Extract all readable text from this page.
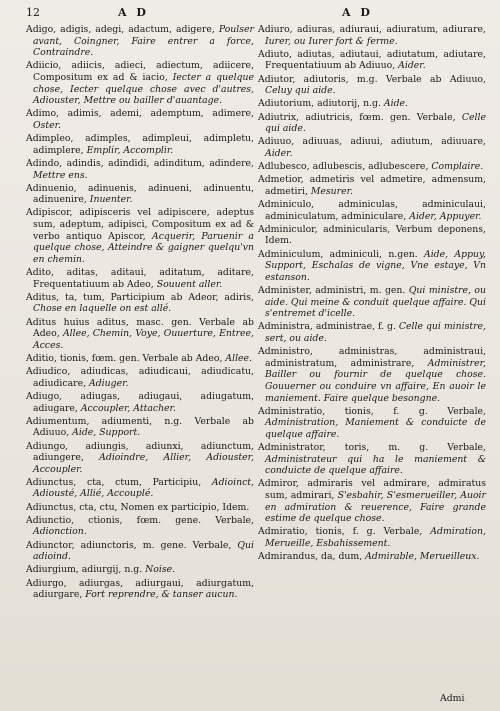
12	A D	A D

Adigo, adigis, adegi, adactum, adigere, Poulser avant, Coingner, Faire entrer a force, Contraindre.

Adiicio, adiicis, adieci, adiectum, adiicere, Compositum ex ad & iacio, Iecter a quelque chose, Iecter quelque chose avec d'autres, Adiouster, Mettre ou bailler d'auantage.

Adimo, adimis, ademi, ademptum, adimere, Oster.

Adimpleo, adimples, adimpleui, adimpletu, adimplere, Emplir, Accomplir.

Adindo, adindis, adindidi, adinditum, adindere, Mettre ens.

Adinuenio, adinuenis, adinueni, adinuentu, adinuenire, Inuenter.

Adipiscor, adipisceris vel adipiscere, adeptus sum, adeptum, adipisci, Compositum ex ad & verbo antiquo Apiscor, Acquerir, Paruenir a quelque chose, Atteindre & gaigner quelqu'vn en chemin.

Adito, aditas, aditaui, aditatum, aditare, Frequentatiuum ab Adeo, Souuent aller.

Aditus, ta, tum, Participium ab Adeor, adiris, Chose en laquelle on est allé.

Aditus huius aditus, masc. gen. Verbale ab Adeo, Allee, Chemin, Voye, Ouuerture, Entree, Acces.

Aditio, tionis, fœm. gen. Verbale ab Adeo, Allee.

Adiudico, adiudicas, adiudicaui, adiudicatu, adiudicare, Adiuger.

Adiugo, adiugas, adiugaui, adiugatum, adiugare, Accoupler, Attacher.

Adiumentum, adiumenti, n.g. Verbale ab Adiuuo, Aide, Support.

Adiungo, adiungis, adiunxi, adiunctum, adiungere, Adioindre, Allier, Adiouster, Accoupler.

Adiunctus, cta, ctum, Participiu, Adioinct, Adiousté, Allié, Accouplé.

Adiunctus, cta, ctu, Nomen ex participio, Idem.

Adiunctio, ctionis, fœm. gene. Verbale, Adionction.

Adiunctor, adiunctoris, m. gene. Verbale, Qui adioind.

Adiurgium, adiurgij, n.g. Noise.

Adiurgo, adiurgas, adiurgaui, adiurgatum, adiurgare, Fort reprendre, & tanser aucun.

Adiuro, adiuras, adiuraui, adiuratum, adiurare, Iurer, ou Iurer fort & ferme.

Adiuto, adiutas, adiutaui, adiutatum, adiutare, Frequentatiuum ab Adiuuo, Aider.

Adiutor, adiutoris, m.g. Verbale ab Adiuuo, Celuy qui aide.

Adiutorium, adiutorij, n.g. Aide.

Adiutrix, adiutricis, fœm. gen. Verbale, Celle qui aide.

Adiuuo, adiuuas, adiuui, adiutum, adiuuare, Aider.

Adlubesco, adlubescis, adlubescere, Complaire.

Admetior, admetiris vel admetire, admensum, admetiri, Mesurer.

Adminiculo, adminiculas, adminiculaui, adminiculatum, adminiculare, Aider, Appuyer.

Adminiculor, adminicularis, Verbum deponens, Idem.

Adminiculum, adminiculi, n.gen. Aide, Appuy, Support, Eschalas de vigne, Vne estaye, Vn estanson.

Administer, administri, m. gen. Qui ministre, ou aide. Qui meine & conduit quelque affaire. Qui s'entremet d'icelle.

Administra, administrae, f. g. Celle qui ministre, sert, ou aide.

Administro, administras, administraui, administratum, administrare, Administrer, Bailler ou fournir de quelque chose. Gouuerner ou conduire vn affaire, En auoir le maniement. Faire quelque besongne.

Administratio, tionis, f. g. Verbale, Administration, Maniement & conduicte de quelque affaire.

Administrator, toris, m. g. Verbale, Administrateur qui ha le maniement & conduicte de quelque affaire.

Admiror, admiraris vel admirare, admiratus sum, admirari, S'esbahir, S'esmerueiller, Auoir en admiration & reuerence, Faire grande estime de quelque chose.

Admiratio, tionis, f. g. Verbale, Admiration, Merueille, Esbahissement.

Admirandus, da, dum, Admirable, Merueilleux.

Admi
